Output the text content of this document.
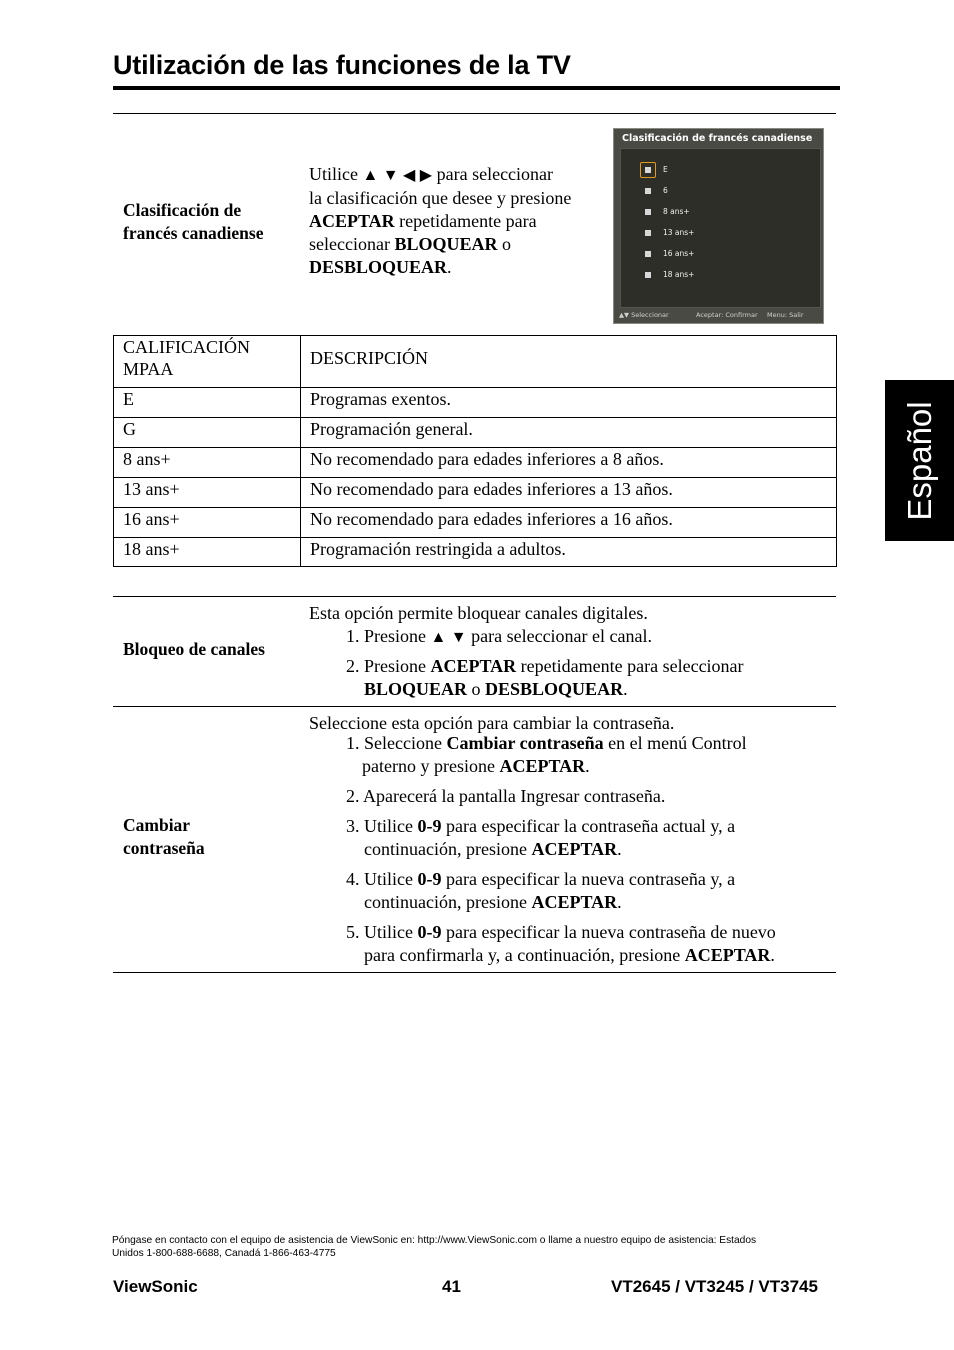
Utilización de las funciones de la TV
Español
Clasificación de
francés canadiense
Utilice ▲ ▼ ◀ ▶ para seleccionar
la clasificación que desee y presione
ACEPTAR repetidamente para
seleccionar BLOQUEAR o
DESBLOQUEAR.
Clasificación de francés canadiense
E
6
8 ans+
13 ans+
16 ans+
18 ans+
▲▼ Seleccionar	Aceptar: Confirmar Menu: Salir
CALIFICACIÓN
MPAA	DESCRIPCIÓN
E	Programas exentos.
G	Programación general.
8 ans+	No recomendado para edades inferiores a 8 años.
13 ans+	No recomendado para edades inferiores a 13 años.
16 ans+	No recomendado para edades inferiores a 16 años.
18 ans+	Programación restringida a adultos.
Bloqueo de canales
Esta opción permite bloquear canales digitales.
1. Presione ▲ ▼ para seleccionar el canal.
2. Presione ACEPTAR repetidamente para seleccionar
BLOQUEAR o DESBLOQUEAR.
Cambiar
contraseña
Seleccione esta opción para cambiar la contraseña.
1. Seleccione Cambiar contraseña en el menú Control
paterno y presione ACEPTAR.
2. Aparecerá la pantalla Ingresar contraseña.
3. Utilice 0-9 para especificar la contraseña actual y, a
continuación, presione ACEPTAR.
4. Utilice 0-9 para especificar la nueva contraseña y, a
continuación, presione ACEPTAR.
5. Utilice 0-9 para especificar la nueva contraseña de nuevo
para confirmarla y, a continuación, presione ACEPTAR.
Póngase en contacto con el equipo de asistencia de ViewSonic en: http://www.ViewSonic.com o llame a nuestro equipo de asistencia: Estados
Unidos 1-800-688-6688, Canadá 1-866-463-4775
ViewSonic	41	VT2645 / VT3245 / VT3745
